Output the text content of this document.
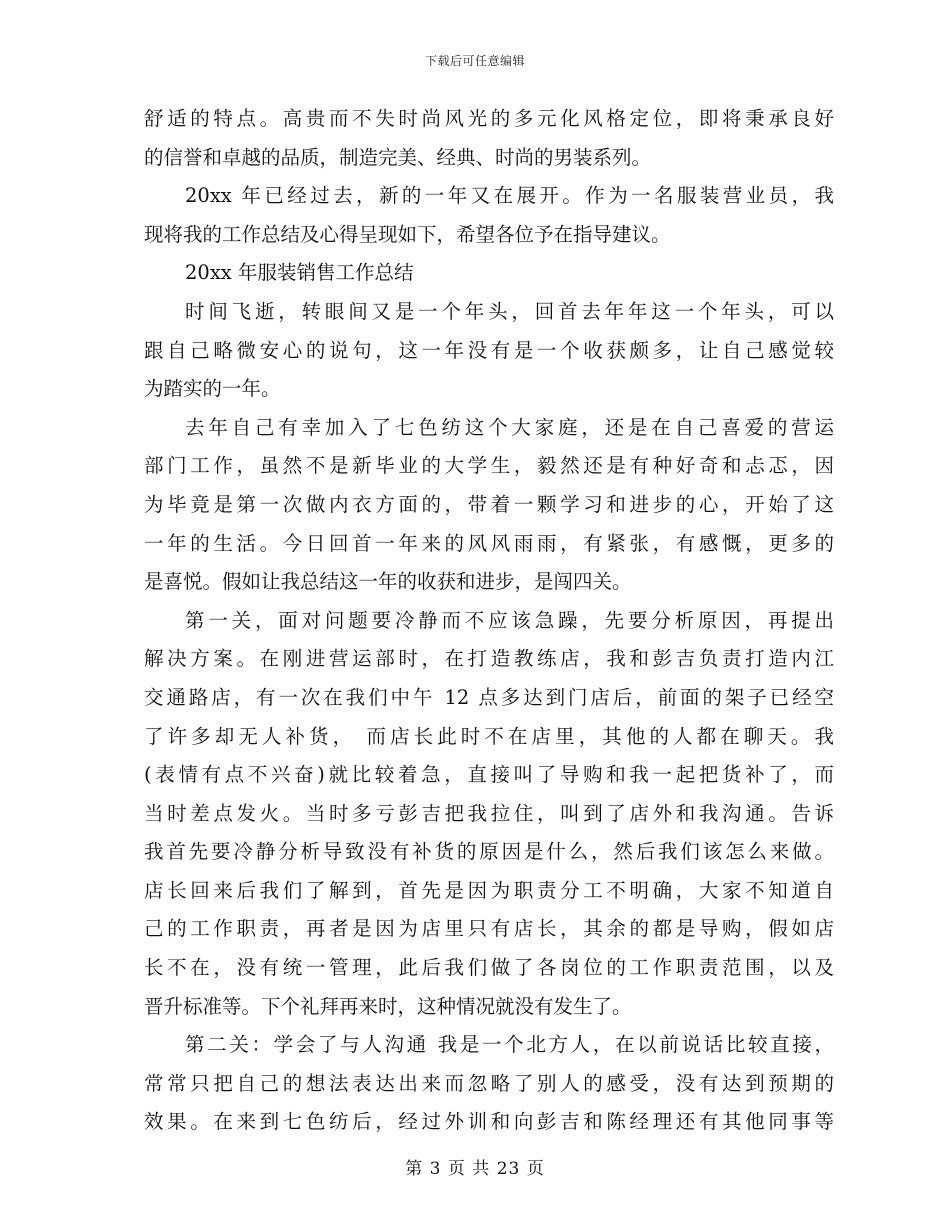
下载后可任意编辑
舒适的特点。高贵而不失时尚风光的多元化风格定位，即将秉承良好
的信誉和卓越的品质，制造完美、经典、时尚的男装系列。
20xx 年已经过去，新的一年又在展开。作为一名服装营业员，我
现将我的工作总结及心得呈现如下，希望各位予在指导建议。
20xx 年服装销售工作总结
时间飞逝，转眼间又是一个年头，回首去年年这一个年头，可以
跟自己略微安心的说句，这一年没有是一个收获颇多，让自己感觉较
为踏实的一年。
去年自己有幸加入了七色纺这个大家庭，还是在自己喜爱的营运
部门工作，虽然不是新毕业的大学生，毅然还是有种好奇和忐忑，因
为毕竟是第一次做内衣方面的，带着一颗学习和进步的心，开始了这
一年的生活。今日回首一年来的风风雨雨，有紧张，有感慨，更多的
是喜悦。假如让我总结这一年的收获和进步，是闯四关。
第一关，面对问题要冷静而不应该急躁，先要分析原因，再提出
解决方案。在刚进营运部时，在打造教练店，我和彭吉负责打造内江
交通路店，有一次在我们中午 12 点多达到门店后，前面的架子已经空
了许多却无人补货， 而店长此时不在店里，其他的人都在聊天。我
(表情有点不兴奋)就比较着急，直接叫了导购和我一起把货补了，而
当时差点发火。当时多亏彭吉把我拉住，叫到了店外和我沟通。告诉
我首先要冷静分析导致没有补货的原因是什么，然后我们该怎么来做。
店长回来后我们了解到，首先是因为职责分工不明确，大家不知道自
己的工作职责，再者是因为店里只有店长，其余的都是导购，假如店
长不在，没有统一管理，此后我们做了各岗位的工作职责范围，以及
晋升标准等。下个礼拜再来时，这种情况就没有发生了。
第二关：学会了与人沟通 我是一个北方人，在以前说话比较直接，
常常只把自己的想法表达出来而忽略了别人的感受，没有达到预期的
效果。在来到七色纺后，经过外训和向彭吉和陈经理还有其他同事等
第 3 页 共 23 页
